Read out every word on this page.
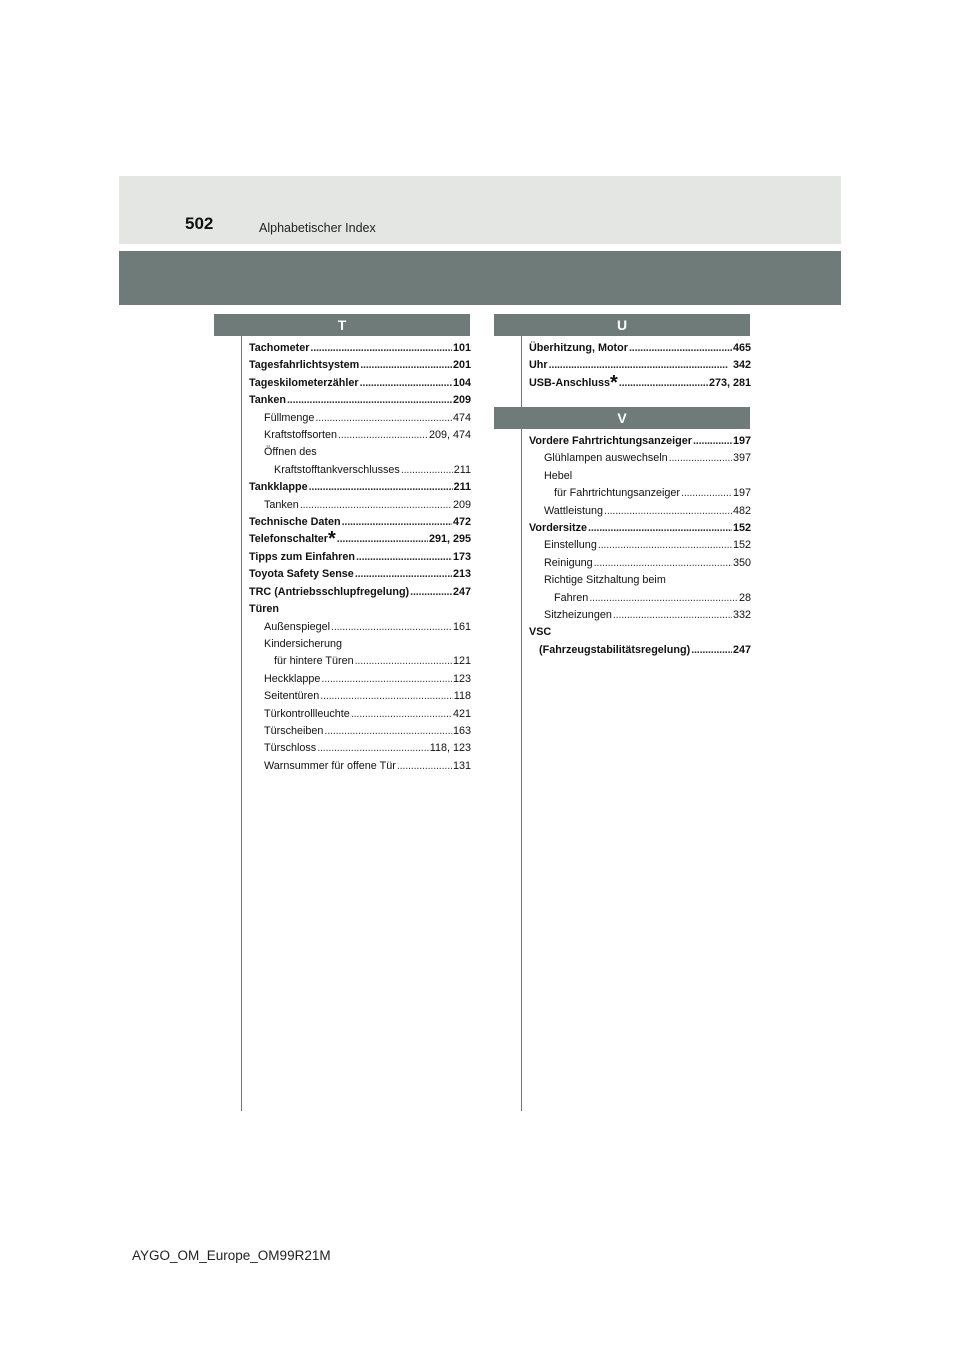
502	Alphabetischer Index
T	U
V
Tachometer . . .	101
Tagesfahrlichtsystem . . .	201
Tageskilometerzähler . . .	104
Tanken . . .	209
Füllmenge . . .	474
Kraftstoffsorten . . .	209, 474
Öffnen des
Kraftstofftankverschlusses . . .	211
Tankklappe . . .	211
Tanken . . .	209
Technische Daten . . .	472
Telefonschalter * . . .	291, 295
Tipps zum Einfahren . . .	173
Toyota Safety Sense . . .	213
TRC (Antriebsschlupfregelung) . . .	247
Türen
Außenspiegel . . .	161
Kindersicherung
für hintere Türen . . .	121
Heckklappe . . .	123
Seitentüren . . .	118
Türkontrollleuchte . . .	421
Türscheiben . . .	163
Türschloss . . .	118, 123
Warnsummer für offene Tür . . .	131
Überhitzung, Motor . . .	465
Uhr . . .	342
USB-Anschluss * . . .	273, 281
Vordere Fahrtrichtungsanzeiger . . .	197
Glühlampen auswechseln . . .	397
Hebel
für Fahrtrichtungsanzeiger . . .	197
Wattleistung . . .	482
Vordersitze . . .	152
Einstellung . . .	152
Reinigung . . .	350
Richtige Sitzhaltung beim
Fahren . . .	28
Sitzheizungen . . .	332
VSC
(Fahrzeugstabilitätsregelung) . . .	247
AYGO_OM_Europe_OM99R21M
